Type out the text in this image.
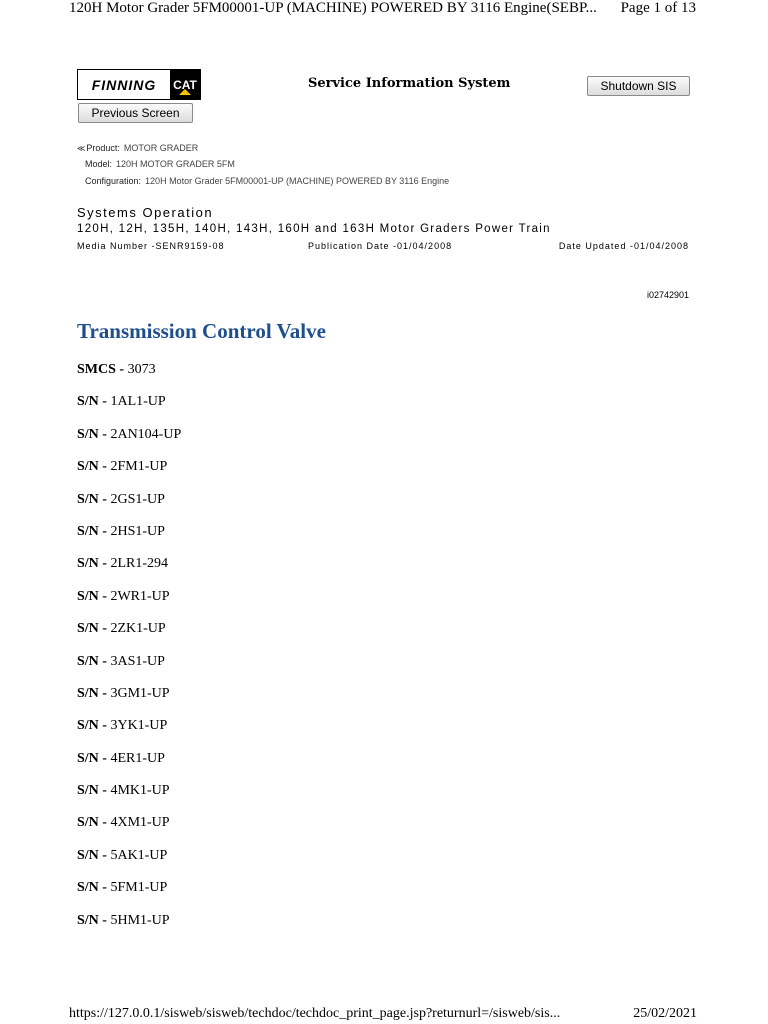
120H Motor Grader 5FM00001-UP (MACHINE) POWERED BY 3116 Engine(SEBP... Page 1 of 13
FINNING	CAT	Service Information System	Shutdown SIS
Previous Screen
≪Product: MOTOR GRADER
Model: 120H MOTOR GRADER 5FM
Configuration: 120H Motor Grader 5FM00001-UP (MACHINE) POWERED BY 3116 Engine
Systems Operation
120H, 12H, 135H, 140H, 143H, 160H and 163H Motor Graders Power Train
Media Number -SENR9159-08	Publication Date -01/04/2008	Date Updated -01/04/2008
i02742901
Transmission Control Valve
SMCS - 3073
S/N - 1AL1-UP
S/N - 2AN104-UP
S/N - 2FM1-UP
S/N - 2GS1-UP
S/N - 2HS1-UP
S/N - 2LR1-294
S/N - 2WR1-UP
S/N - 2ZK1-UP
S/N - 3AS1-UP
S/N - 3GM1-UP
S/N - 3YK1-UP
S/N - 4ER1-UP
S/N - 4MK1-UP
S/N - 4XM1-UP
S/N - 5AK1-UP
S/N - 5FM1-UP
S/N - 5HM1-UP
https://127.0.0.1/sisweb/sisweb/techdoc/techdoc_print_page.jsp?returnurl=/sisweb/sis...	25/02/2021
